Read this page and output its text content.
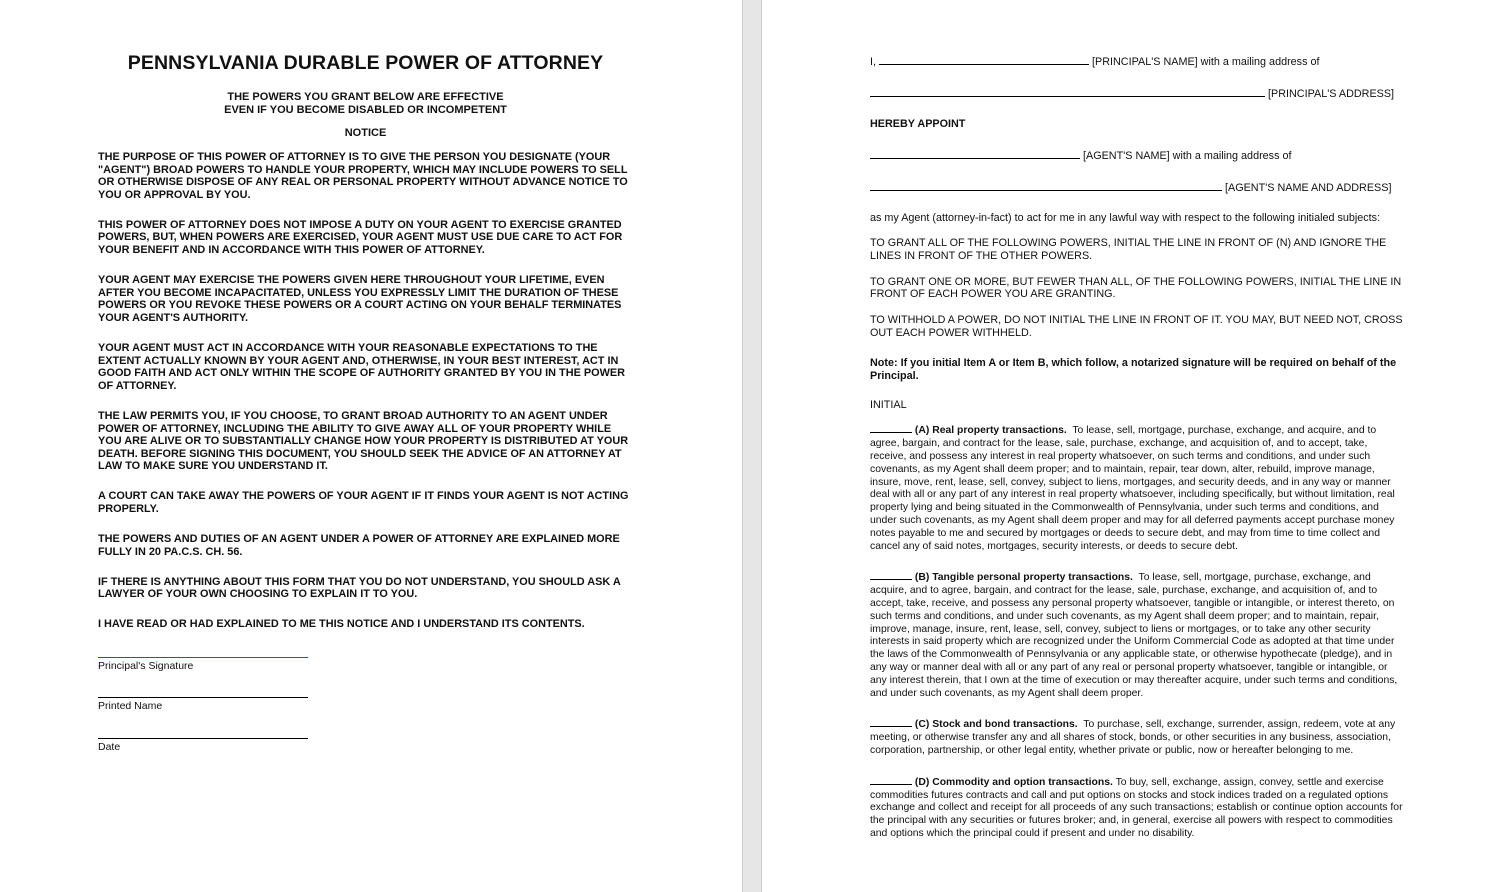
PENNSYLVANIA DURABLE POWER OF ATTORNEY

THE POWERS YOU GRANT BELOW ARE EFFECTIVE

EVEN IF YOU BECOME DISABLED OR INCOMPETENT

NOTICE

THE PURPOSE OF THIS POWER OF ATTORNEY IS TO GIVE THE PERSON YOU DESIGNATE (YOUR "AGENT") BROAD POWERS TO HANDLE YOUR PROPERTY, WHICH MAY INCLUDE POWERS TO SELL OR OTHERWISE DISPOSE OF ANY REAL OR PERSONAL PROPERTY WITHOUT ADVANCE NOTICE TO YOU OR APPROVAL BY YOU.

THIS POWER OF ATTORNEY DOES NOT IMPOSE A DUTY ON YOUR AGENT TO EXERCISE GRANTED POWERS, BUT, WHEN POWERS ARE EXERCISED, YOUR AGENT MUST USE DUE CARE TO ACT FOR YOUR BENEFIT AND IN ACCORDANCE WITH THIS POWER OF ATTORNEY.

YOUR AGENT MAY EXERCISE THE POWERS GIVEN HERE THROUGHOUT YOUR LIFETIME, EVEN AFTER YOU BECOME INCAPACITATED, UNLESS YOU EXPRESSLY LIMIT THE DURATION OF THESE POWERS OR YOU REVOKE THESE POWERS OR A COURT ACTING ON YOUR BEHALF TERMINATES YOUR AGENT'S AUTHORITY.

YOUR AGENT MUST ACT IN ACCORDANCE WITH YOUR REASONABLE EXPECTATIONS TO THE EXTENT ACTUALLY KNOWN BY YOUR AGENT AND, OTHERWISE, IN YOUR BEST INTEREST, ACT IN GOOD FAITH AND ACT ONLY WITHIN THE SCOPE OF AUTHORITY GRANTED BY YOU IN THE POWER OF ATTORNEY.

THE LAW PERMITS YOU, IF YOU CHOOSE, TO GRANT BROAD AUTHORITY TO AN AGENT UNDER POWER OF ATTORNEY, INCLUDING THE ABILITY TO GIVE AWAY ALL OF YOUR PROPERTY WHILE YOU ARE ALIVE OR TO SUBSTANTIALLY CHANGE HOW YOUR PROPERTY IS DISTRIBUTED AT YOUR DEATH. BEFORE SIGNING THIS DOCUMENT, YOU SHOULD SEEK THE ADVICE OF AN ATTORNEY AT LAW TO MAKE SURE YOU UNDERSTAND IT.

A COURT CAN TAKE AWAY THE POWERS OF YOUR AGENT IF IT FINDS YOUR AGENT IS NOT ACTING PROPERLY.

THE POWERS AND DUTIES OF AN AGENT UNDER A POWER OF ATTORNEY ARE EXPLAINED MORE FULLY IN 20 PA.C.S. CH. 56.

IF THERE IS ANYTHING ABOUT THIS FORM THAT YOU DO NOT UNDERSTAND, YOU SHOULD ASK A LAWYER OF YOUR OWN CHOOSING TO EXPLAIN IT TO YOU.

I HAVE READ OR HAD EXPLAINED TO ME THIS NOTICE AND I UNDERSTAND ITS CONTENTS.

Principal's Signature

Printed Name

Date

I,	[PRINCIPAL'S NAME] with a mailing address of

[PRINCIPAL'S ADDRESS]

HEREBY APPOINT

[AGENT'S NAME] with a mailing address of

[AGENT'S NAME AND ADDRESS]

as my Agent (attorney-in-fact) to act for me in any lawful way with respect to the following initialed subjects:

TO GRANT ALL OF THE FOLLOWING POWERS, INITIAL THE LINE IN FRONT OF (N) AND IGNORE THE LINES IN FRONT OF THE OTHER POWERS.

TO GRANT ONE OR MORE, BUT FEWER THAN ALL, OF THE FOLLOWING POWERS, INITIAL THE LINE IN FRONT OF EACH POWER YOU ARE GRANTING.

TO WITHHOLD A POWER, DO NOT INITIAL THE LINE IN FRONT OF IT. YOU MAY, BUT NEED NOT, CROSS OUT EACH POWER WITHHELD.

Note: If you initial Item A or Item B, which follow, a notarized signature will be required on behalf of the Principal.

INITIAL

(A) Real property transactions. To lease, sell, mortgage, purchase, exchange, and acquire, and to agree, bargain, and contract for the lease, sale, purchase, exchange, and acquisition of, and to accept, take, receive, and possess any interest in real property whatsoever, on such terms and conditions, and under such covenants, as my Agent shall deem proper; and to maintain, repair, tear down, alter, rebuild, improve manage, insure, move, rent, lease, sell, convey, subject to liens, mortgages, and security deeds, and in any way or manner deal with all or any part of any interest in real property whatsoever, including specifically, but without limitation, real property lying and being situated in the Commonwealth of Pennsylvania, under such terms and conditions, and under such covenants, as my Agent shall deem proper and may for all deferred payments accept purchase money notes payable to me and secured by mortgages or deeds to secure debt, and may from time to time collect and cancel any of said notes, mortgages, security interests, or deeds to secure debt.

(B) Tangible personal property transactions. To lease, sell, mortgage, purchase, exchange, and acquire, and to agree, bargain, and contract for the lease, sale, purchase, exchange, and acquisition of, and to accept, take, receive, and possess any personal property whatsoever, tangible or intangible, or interest thereto, on such terms and conditions, and under such covenants, as my Agent shall deem proper; and to maintain, repair, improve, manage, insure, rent, lease, sell, convey, subject to liens or mortgages, or to take any other security interests in said property which are recognized under the Uniform Commercial Code as adopted at that time under the laws of the Commonwealth of Pennsylvania or any applicable state, or otherwise hypothecate (pledge), and in any way or manner deal with all or any part of any real or personal property whatsoever, tangible or intangible, or any interest therein, that I own at the time of execution or may thereafter acquire, under such terms and conditions, and under such covenants, as my Agent shall deem proper.

(C) Stock and bond transactions. To purchase, sell, exchange, surrender, assign, redeem, vote at any meeting, or otherwise transfer any and all shares of stock, bonds, or other securities in any business, association, corporation, partnership, or other legal entity, whether private or public, now or hereafter belonging to me.

(D) Commodity and option transactions. To buy, sell, exchange, assign, convey, settle and exercise commodities futures contracts and call and put options on stocks and stock indices traded on a regulated options exchange and collect and receipt for all proceeds of any such transactions; establish or continue option accounts for the principal with any securities or futures broker; and, in general, exercise all powers with respect to commodities and options which the principal could if present and under no disability.
